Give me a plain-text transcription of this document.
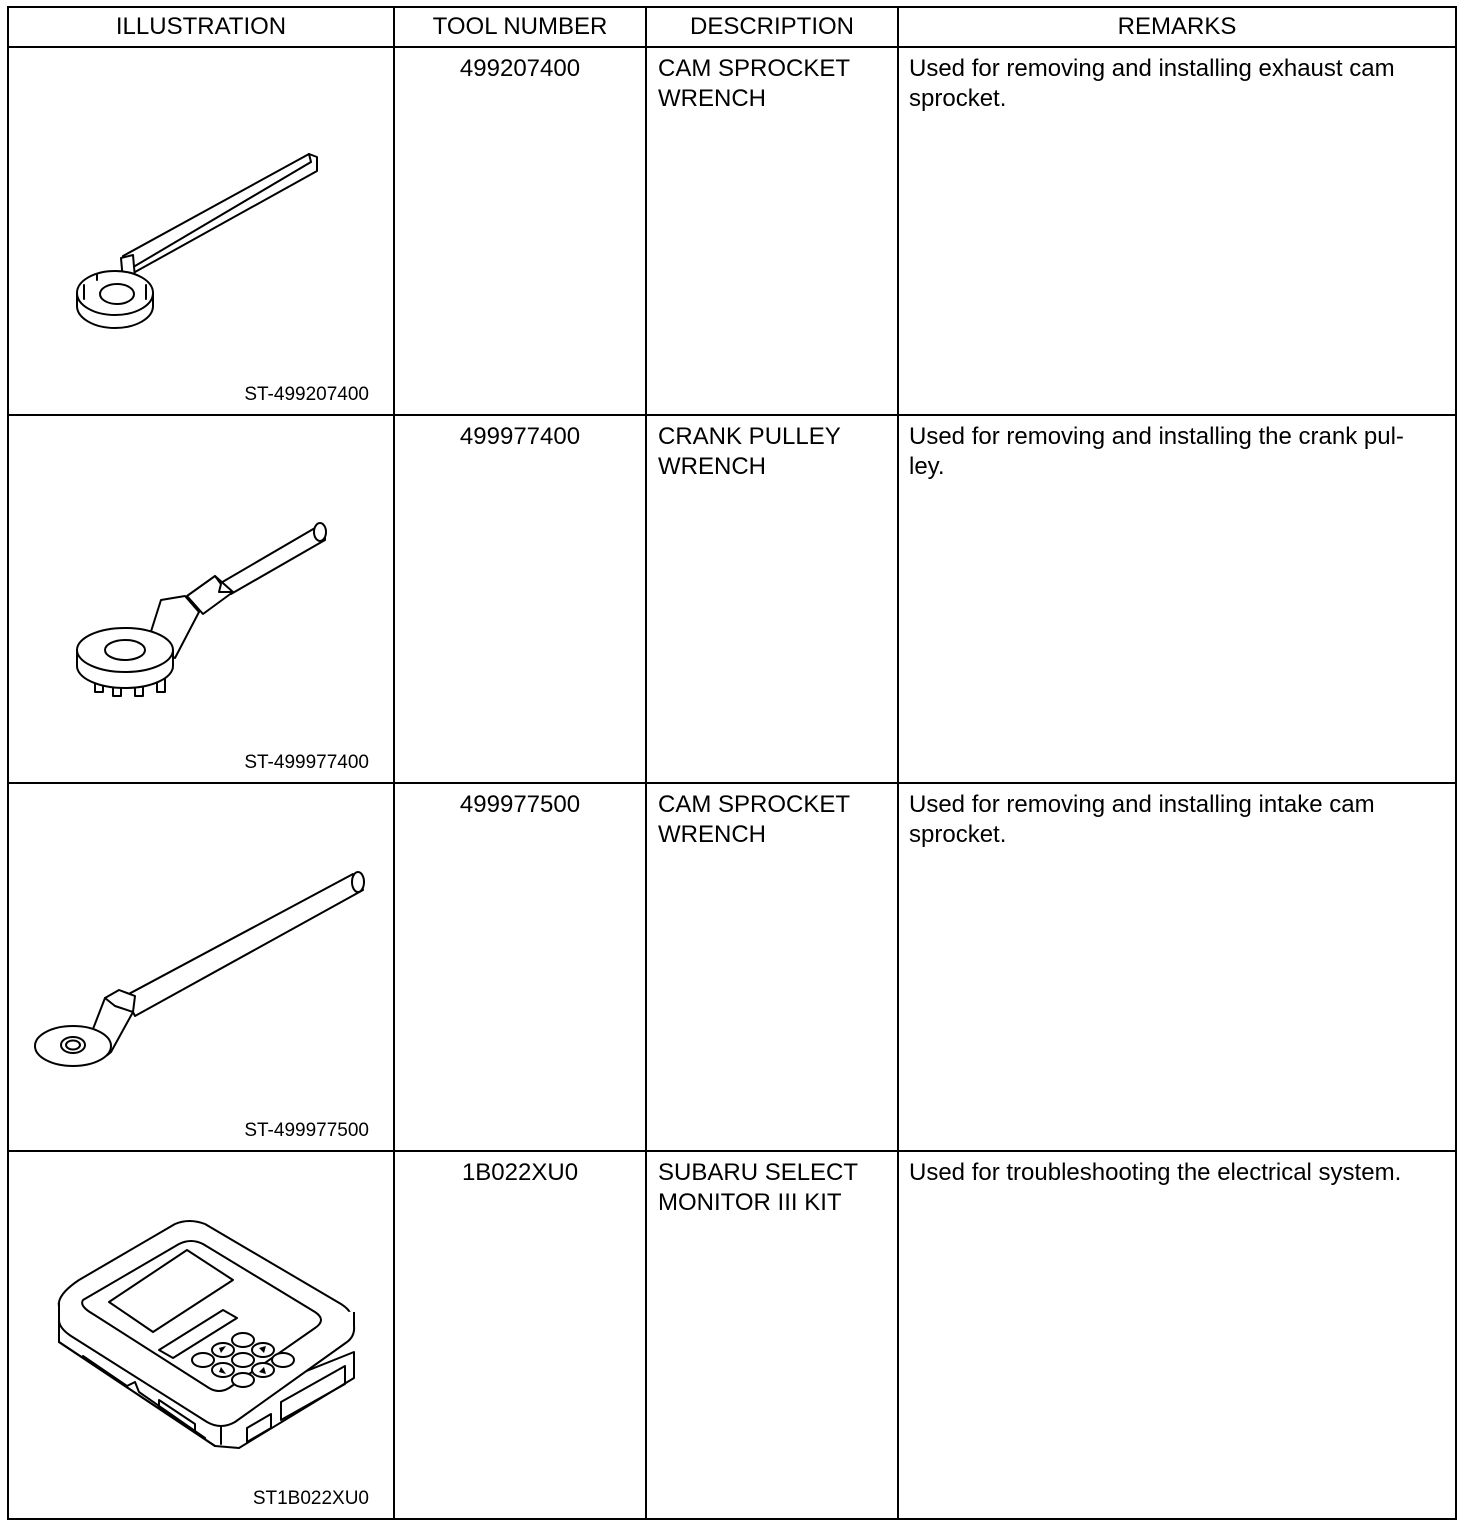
ILLUSTRATION	TOOL NUMBER	DESCRIPTION	REMARKS

ST-499207400	499207400	CAM SPROCKET
WRENCH	Used for removing and installing exhaust cam
sprocket.

ST-499977400	499977400	CRANK PULLEY
WRENCH	Used for removing and installing the crank pul-
ley.

ST-499977500	499977500	CAM SPROCKET
WRENCH	Used for removing and installing intake cam
sprocket.

ST1B022XU0	1B022XU0	SUBARU SELECT
MONITOR III KIT	Used for troubleshooting the electrical system.
